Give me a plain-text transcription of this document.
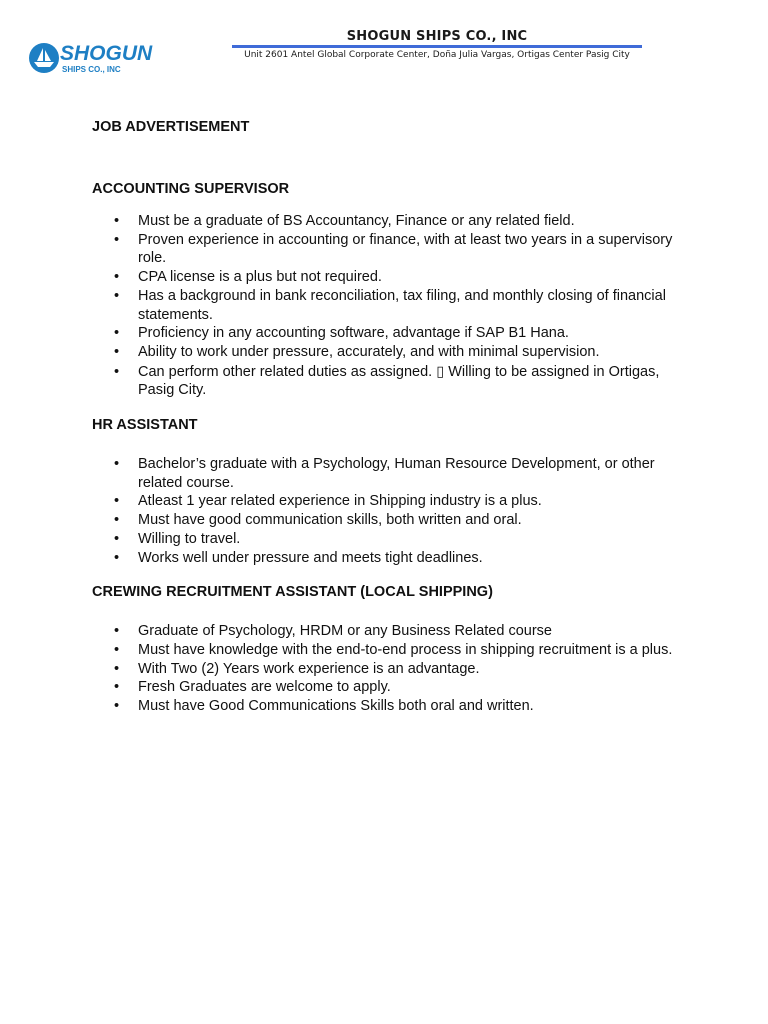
SHOGUN
SHIPS CO., INC
SHOGUN SHIPS CO., INC
Unit 2601 Antel Global Corporate Center, Doña Julia Vargas, Ortigas Center Pasig City
JOB ADVERTISEMENT
ACCOUNTING SUPERVISOR
• Must be a graduate of BS Accountancy, Finance or any related field.
• Proven experience in accounting or finance, with at least two years in a supervisory role.
• CPA license is a plus but not required.
• Has a background in bank reconciliation, tax filing, and monthly closing of financial statements.
• Proficiency in any accounting software, advantage if SAP B1 Hana.
• Ability to work under pressure, accurately, and with minimal supervision.
• Can perform other related duties as assigned. ▯ Willing to be assigned in Ortigas, Pasig City.
HR ASSISTANT
• Bachelor’s graduate with a Psychology, Human Resource Development, or other related course.
• Atleast 1 year related experience in Shipping industry is a plus.
• Must have good communication skills, both written and oral.
• Willing to travel.
• Works well under pressure and meets tight deadlines.
CREWING RECRUITMENT ASSISTANT (LOCAL SHIPPING)
• Graduate of Psychology, HRDM or any Business Related course
• Must have knowledge with the end-to-end process in shipping recruitment is a plus.
• With Two (2) Years work experience is an advantage.
• Fresh Graduates are welcome to apply.
• Must have Good Communications Skills both oral and written.
